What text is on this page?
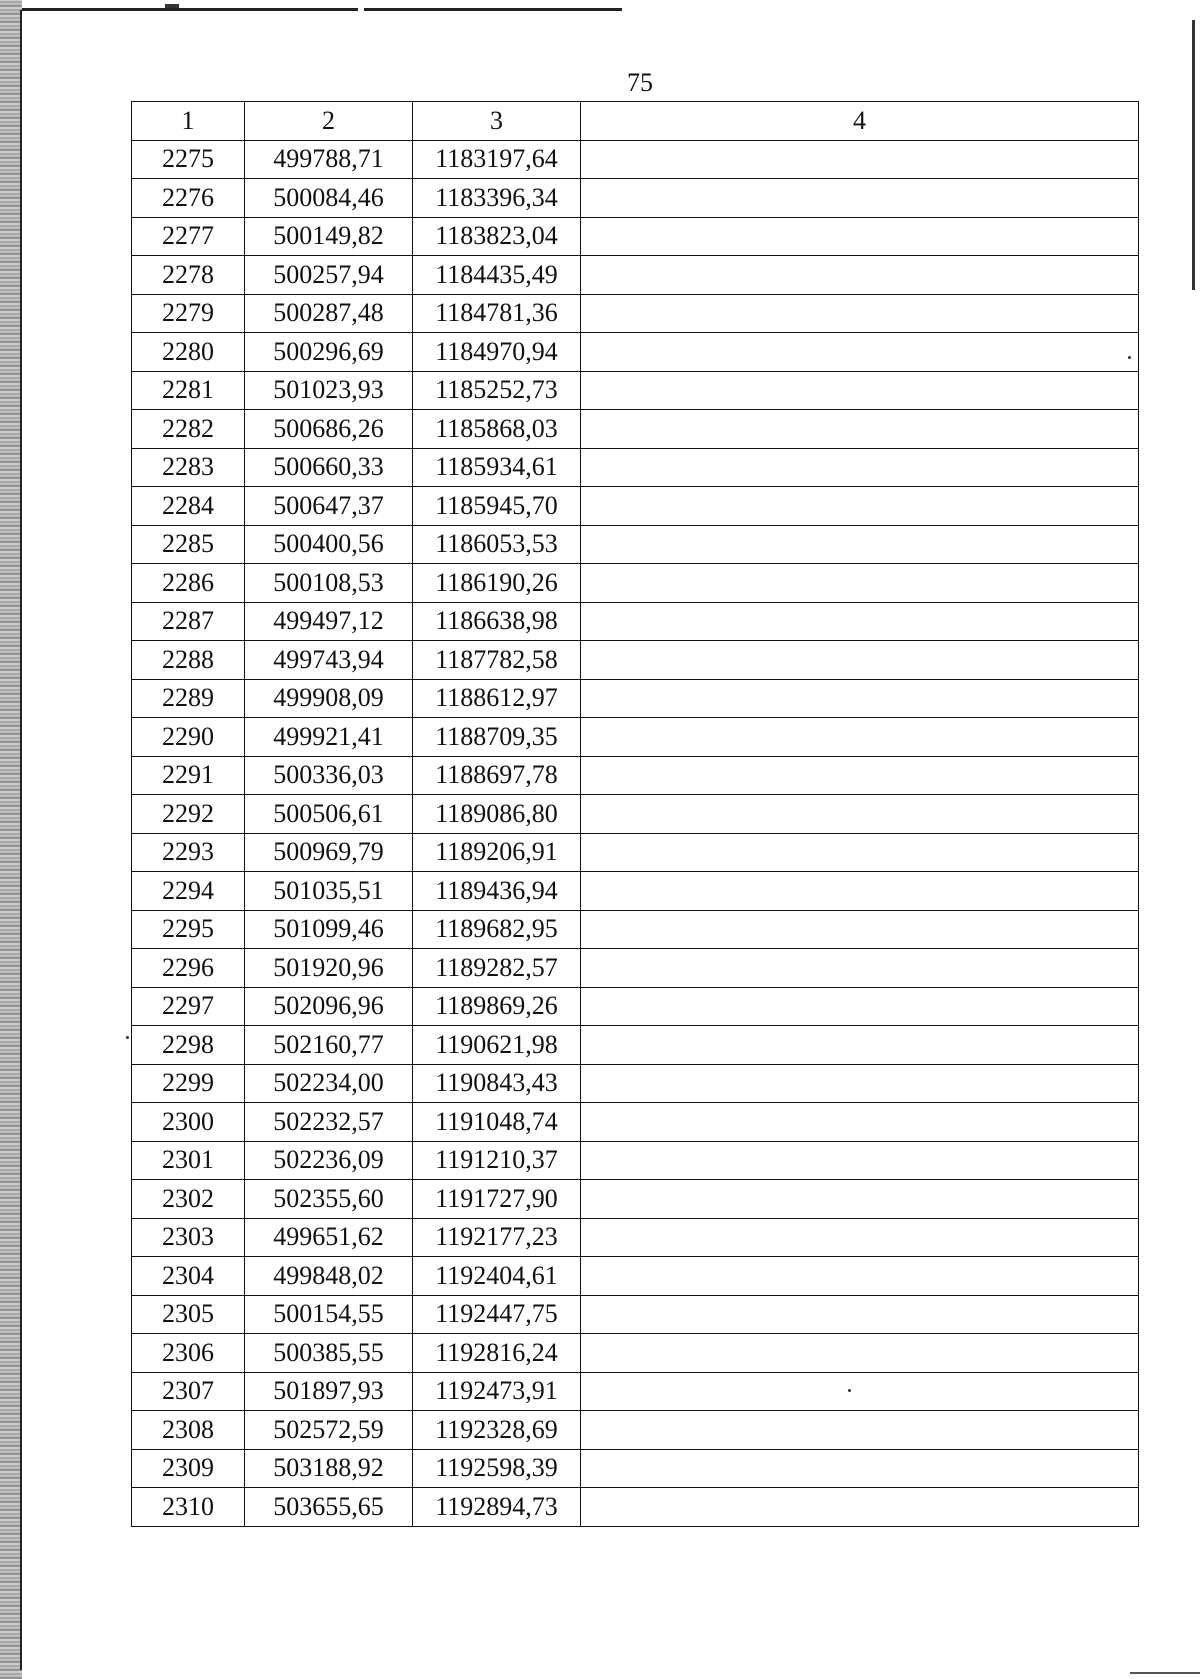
75
1	2	3	4
2275	499788,71	1183197,64	
2276	500084,46	1183396,34	
2277	500149,82	1183823,04	
2278	500257,94	1184435,49	
2279	500287,48	1184781,36	
2280	500296,69	1184970,94	
2281	501023,93	1185252,73	
2282	500686,26	1185868,03	
2283	500660,33	1185934,61	
2284	500647,37	1185945,70	
2285	500400,56	1186053,53	
2286	500108,53	1186190,26	
2287	499497,12	1186638,98	
2288	499743,94	1187782,58	
2289	499908,09	1188612,97	
2290	499921,41	1188709,35	
2291	500336,03	1188697,78	
2292	500506,61	1189086,80	
2293	500969,79	1189206,91	
2294	501035,51	1189436,94	
2295	501099,46	1189682,95	
2296	501920,96	1189282,57	
2297	502096,96	1189869,26	
2298	502160,77	1190621,98	
2299	502234,00	1190843,43	
2300	502232,57	1191048,74	
2301	502236,09	1191210,37	
2302	502355,60	1191727,90	
2303	499651,62	1192177,23	
2304	499848,02	1192404,61	
2305	500154,55	1192447,75	
2306	500385,55	1192816,24	
2307	501897,93	1192473,91	
2308	502572,59	1192328,69	
2309	503188,92	1192598,39	
2310	503655,65	1192894,73	
